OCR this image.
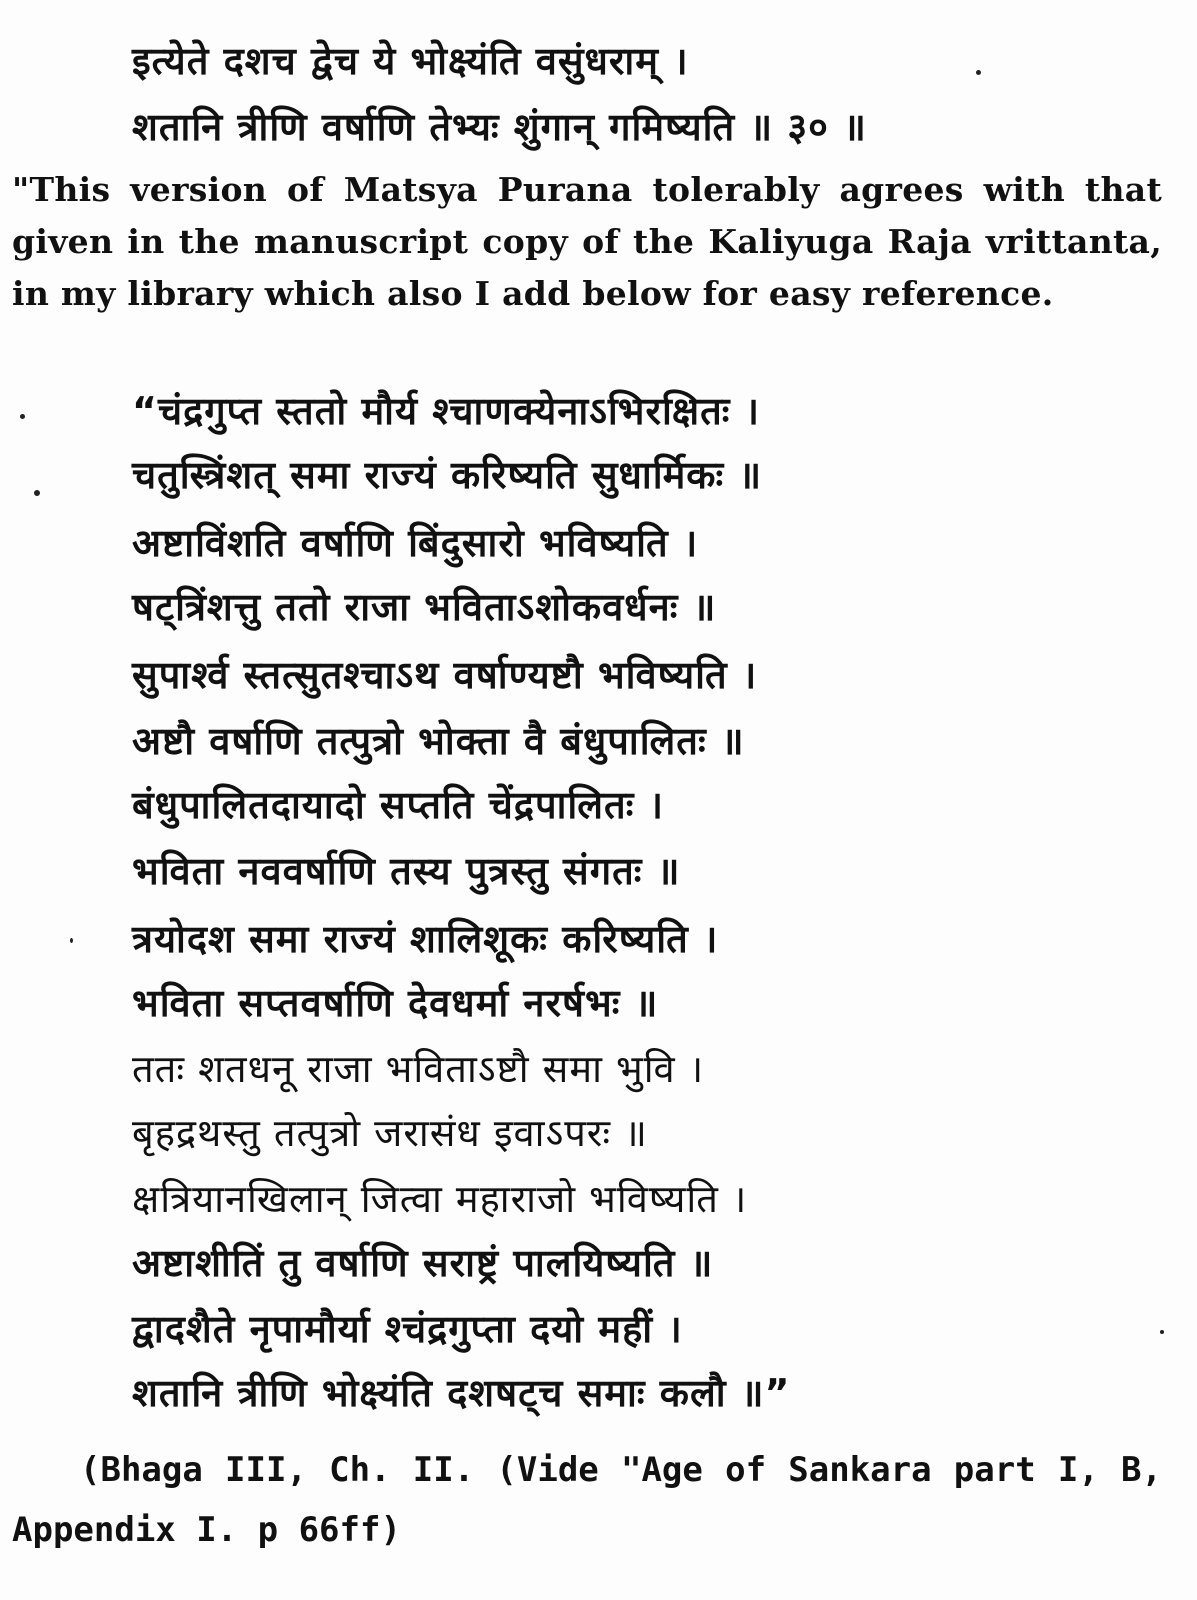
इत्येते दशच द्वेच ये भोक्ष्यंति वसुंधराम् ।

शतानि त्रीणि वर्षाणि तेभ्यः शुंगान् गमिष्यति ॥ ३० ॥

"This version of Matsya Purana tolerably agrees with that given in the manuscript copy of the Kaliyuga Raja vrittanta, in my library which also I add below for easy reference.

“चंद्रगुप्त स्ततो मौर्य श्चाणक्येनाऽभिरक्षितः ।

चतुस्त्रिंशत् समा राज्यं करिष्यति सुधार्मिकः ॥

अष्टाविंशति वर्षाणि बिंदुसारो भविष्यति ।

षट्त्रिंशत्तु ततो राजा भविताऽशोकवर्धनः ॥

सुपार्श्व स्तत्सुतश्चाऽथ वर्षाण्यष्टौ भविष्यति ।

अष्टौ वर्षाणि तत्पुत्रो भोक्ता वै बंधुपालितः ॥

बंधुपालितदायादो सप्तति चेंद्रपालितः ।

भविता नववर्षाणि तस्य पुत्रस्तु संगतः ॥

त्रयोदश समा राज्यं शालिशूकः करिष्यति ।

भविता सप्तवर्षाणि देवधर्मा नरर्षभः ॥

ततः शतधनू राजा भविताऽष्टौ समा भुवि ।

बृहद्रथस्तु तत्पुत्रो जरासंध इवाऽपरः ॥

क्षत्रियानखिलान् जित्वा महाराजो भविष्यति ।

अष्टाशीतिं तु वर्षाणि सराष्ट्रं पालयिष्यति ॥

द्वादशैते नृपामौर्या श्चंद्रगुप्ता दयो महीं ।

शतानि त्रीणि भोक्ष्यंति दशषट्च समाः कलौ ॥”

(Bhaga III, Ch. II. (Vide "Age of Sankara part I, B, Appendix I. p 66ff)
